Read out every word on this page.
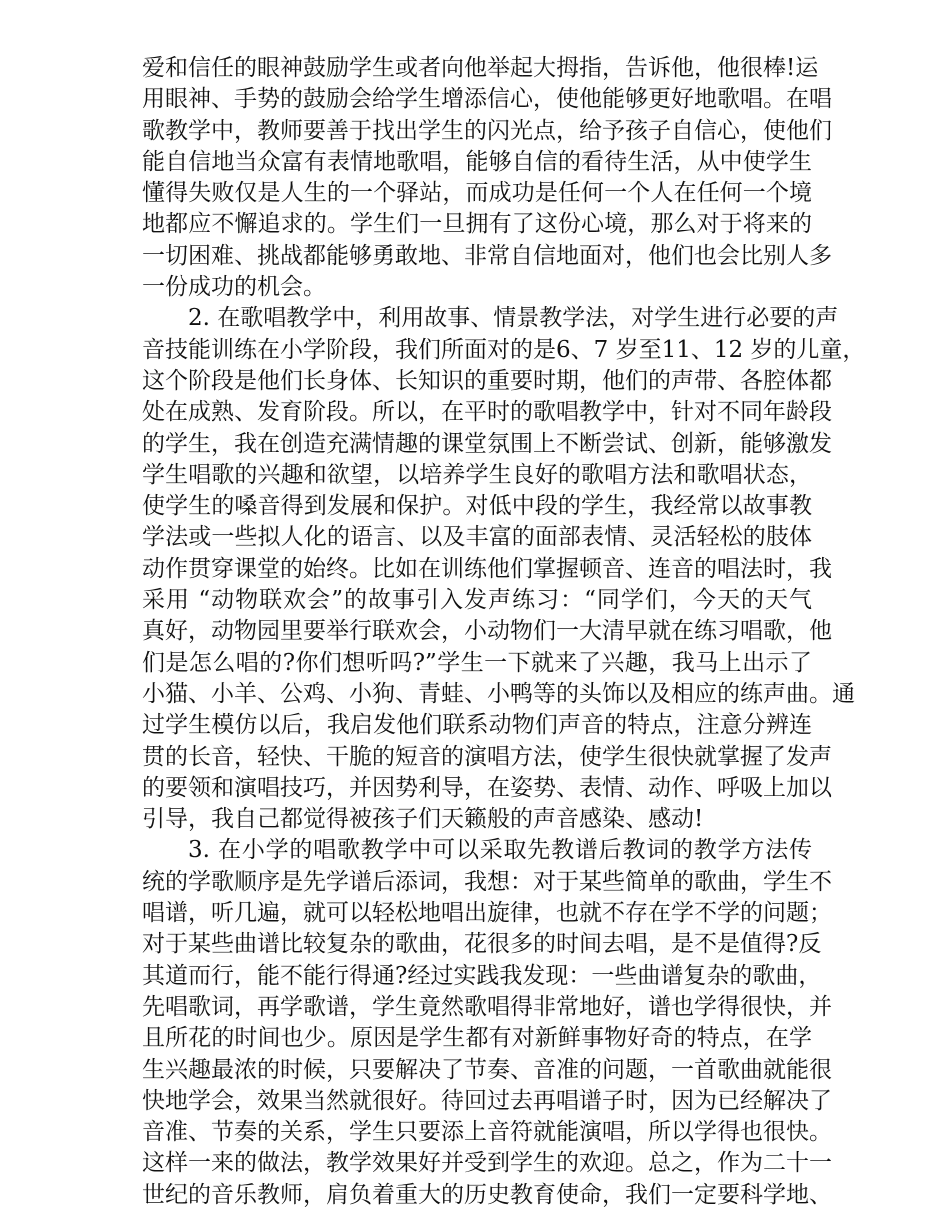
爱和信任的眼神鼓励学生或者向他举起大拇指，告诉他，他很棒!运
用眼神、手势的鼓励会给学生增添信心，使他能够更好地歌唱。在唱
歌教学中，教师要善于找出学生的闪光点，给予孩子自信心，使他们
能自信地当众富有表情地歌唱，能够自信的看待生活，从中使学生
懂得失败仅是人生的一个驿站，而成功是任何一个人在任何一个境
地都应不懈追求的。学生们一旦拥有了这份心境，那么对于将来的
一切困难、挑战都能够勇敢地、非常自信地面对，他们也会比别人多
一份成功的机会。
2. 在歌唱教学中，利用故事、情景教学法，对学生进行必要的声
音技能训练在小学阶段，我们所面对的是6、7 岁至11、12 岁的儿童，
这个阶段是他们长身体、长知识的重要时期，他们的声带、各腔体都
处在成熟、发育阶段。所以，在平时的歌唱教学中，针对不同年龄段
的学生，我在创造充满情趣的课堂氛围上不断尝试、创新，能够激发
学生唱歌的兴趣和欲望，以培养学生良好的歌唱方法和歌唱状态，
使学生的嗓音得到发展和保护。对低中段的学生，我经常以故事教
学法或一些拟人化的语言、以及丰富的面部表情、灵活轻松的肢体
动作贯穿课堂的始终。比如在训练他们掌握顿音、连音的唱法时，我
采用 “动物联欢会”的故事引入发声练习：“同学们，今天的天气
真好，动物园里要举行联欢会，小动物们一大清早就在练习唱歌，他
们是怎么唱的?你们想听吗?”学生一下就来了兴趣，我马上出示了
小猫、小羊、公鸡、小狗、青蛙、小鸭等的头饰以及相应的练声曲。通
过学生模仿以后，我启发他们联系动物们声音的特点，注意分辨连
贯的长音，轻快、干脆的短音的演唱方法，使学生很快就掌握了发声
的要领和演唱技巧，并因势利导，在姿势、表情、动作、呼吸上加以
引导，我自己都觉得被孩子们天籁般的声音感染、感动!
3. 在小学的唱歌教学中可以采取先教谱后教词的教学方法传
统的学歌顺序是先学谱后添词，我想：对于某些简单的歌曲，学生不
唱谱，听几遍，就可以轻松地唱出旋律，也就不存在学不学的问题；
对于某些曲谱比较复杂的歌曲，花很多的时间去唱，是不是值得?反
其道而行，能不能行得通?经过实践我发现：一些曲谱复杂的歌曲，
先唱歌词，再学歌谱，学生竟然歌唱得非常地好，谱也学得很快，并
且所花的时间也少。原因是学生都有对新鲜事物好奇的特点，在学
生兴趣最浓的时候，只要解决了节奏、音准的问题，一首歌曲就能很
快地学会，效果当然就很好。待回过去再唱谱子时，因为已经解决了
音准、节奏的关系，学生只要添上音符就能演唱，所以学得也很快。
这样一来的做法，教学效果好并受到学生的欢迎。总之，作为二十一
世纪的音乐教师，肩负着重大的历史教育使命，我们一定要科学地、
